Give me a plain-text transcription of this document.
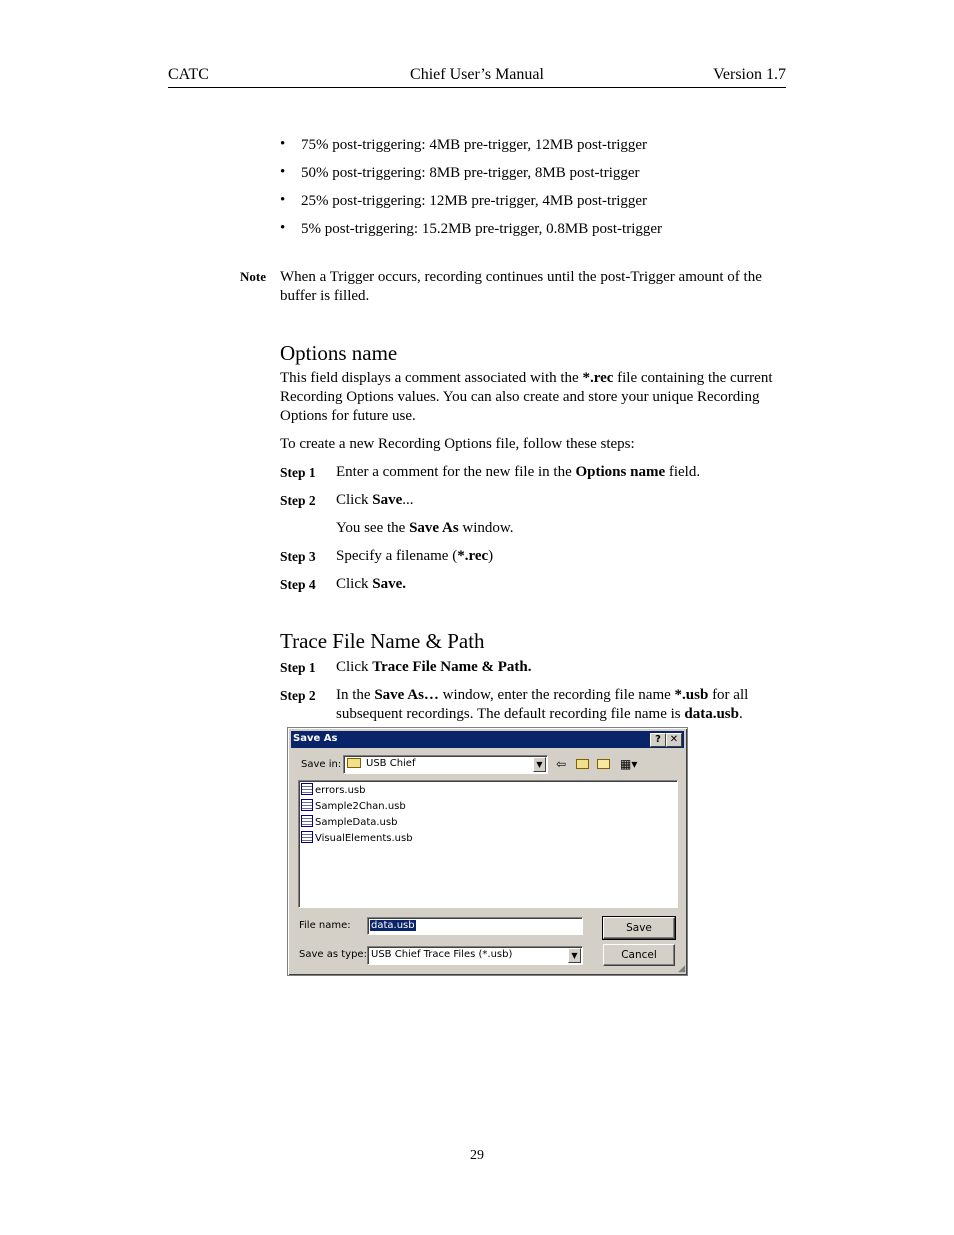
CATC	Chief User’s Manual	Version 1.7
• 75% post-triggering: 4MB pre-trigger, 12MB post-trigger
• 50% post-triggering: 8MB pre-trigger, 8MB post-trigger
• 25% post-triggering: 12MB pre-trigger, 4MB post-trigger
• 5% post-triggering: 15.2MB pre-trigger, 0.8MB post-trigger
Note When a Trigger occurs, recording continues until the post-Trigger amount of the
buffer is filled.
Options name
This field displays a comment associated with the *.rec file containing the current Recording Options values. You can also create and store your unique Recording Options for future use.
To create a new Recording Options file, follow these steps:
Step 1 Enter a comment for the new file in the Options name field.
Step 2 Click Save...
You see the Save As window.
Step 3 Specify a filename (*.rec)
Step 4 Click Save.
Trace File Name & Path
Step 1 Click Trace File Name & Path.
Step 2 In the Save As… window, enter the recording file name *.usb for all subsequent recordings. The default recording file name is data.usb.
Save As	? ✕
Save in: USB Chief	▼ ⇦	▦▾
errors.usb
Sample2Chan.usb
SampleData.usb
VisualElements.usb
File name: data.usb
Save as type: USB Chief Trace Files (*.usb)	▼
Save
Cancel
◢
29
